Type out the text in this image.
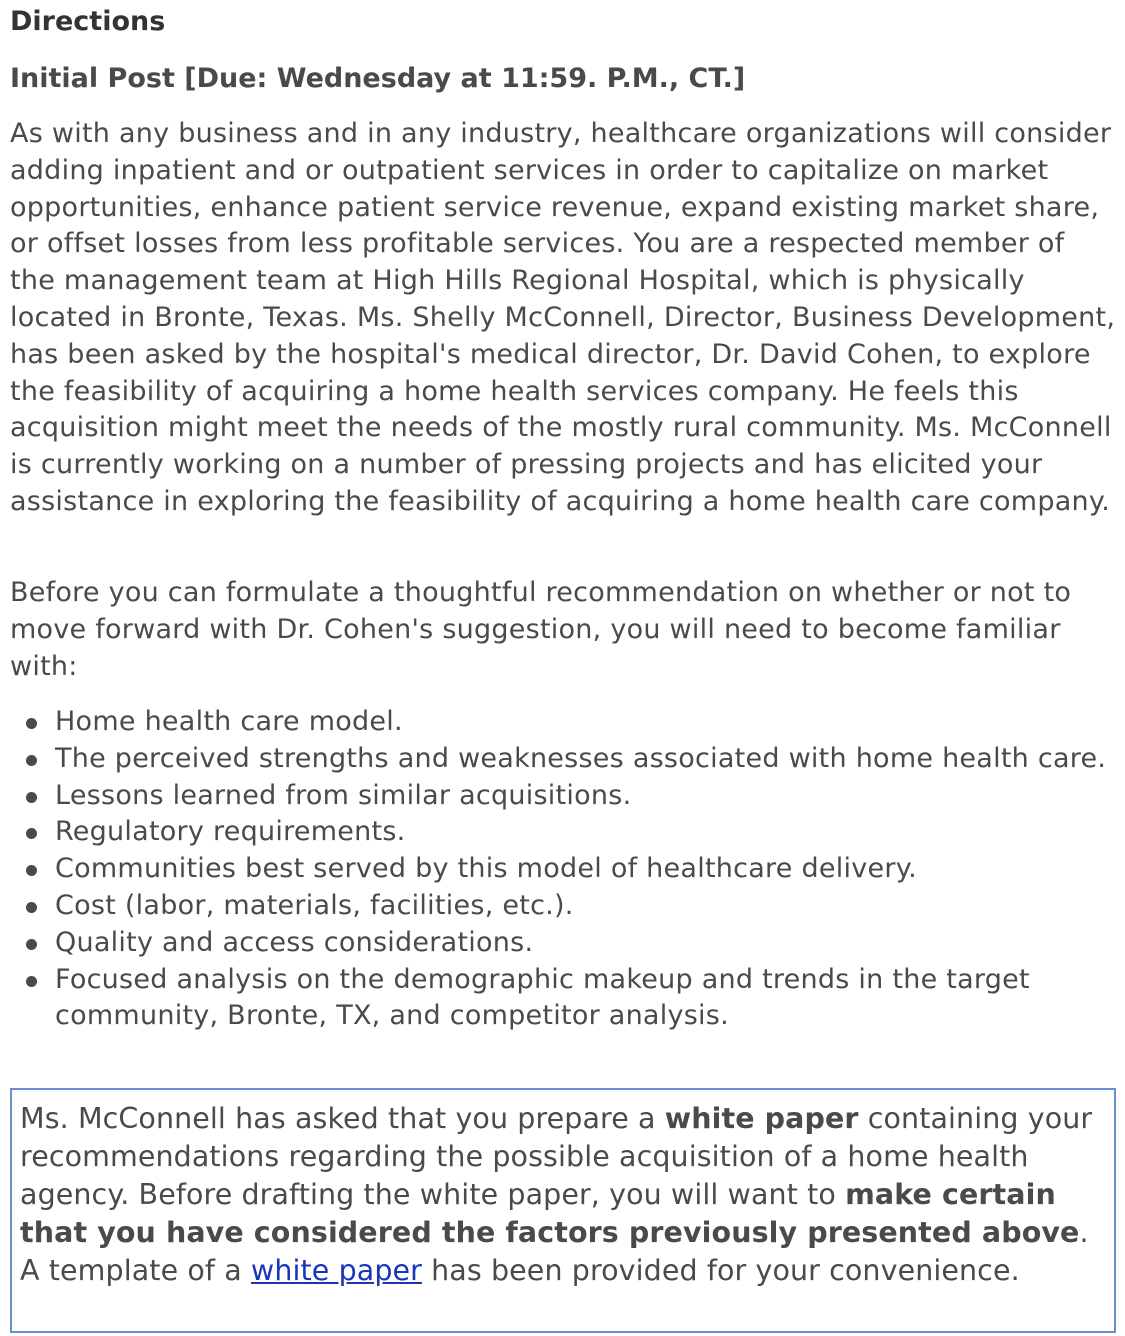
Directions
Initial Post [Due: Wednesday at 11:59. P.M., CT.]

As with any business and in any industry, healthcare organizations will consider adding inpatient and or outpatient services in order to capitalize on market opportunities, enhance patient service revenue, expand existing market share, or offset losses from less profitable services. You are a respected member of the management team at High Hills Regional Hospital, which is physically located in Bronte, Texas. Ms. Shelly McConnell, Director, Business Development, has been asked by the hospital's medical director, Dr. David Cohen, to explore the feasibility of acquiring a home health services company. He feels this acquisition might meet the needs of the mostly rural community. Ms. McConnell is currently working on a number of pressing projects and has elicited your assistance in exploring the feasibility of acquiring a home health care company.

Before you can formulate a thoughtful recommendation on whether or not to move forward with Dr. Cohen's suggestion, you will need to become familiar with:

Home health care model.
The perceived strengths and weaknesses associated with home health care.
Lessons learned from similar acquisitions.
Regulatory requirements.
Communities best served by this model of healthcare delivery.
Cost (labor, materials, facilities, etc.).
Quality and access considerations.
Focused analysis on the demographic makeup and trends in the target community, Bronte, TX, and competitor analysis.
Ms. McConnell has asked that you prepare a white paper containing your recommendations regarding the possible acquisition of a home health agency. Before drafting the white paper, you will want to make certain that you have considered the factors previously presented above. A template of a white paper has been provided for your convenience.
